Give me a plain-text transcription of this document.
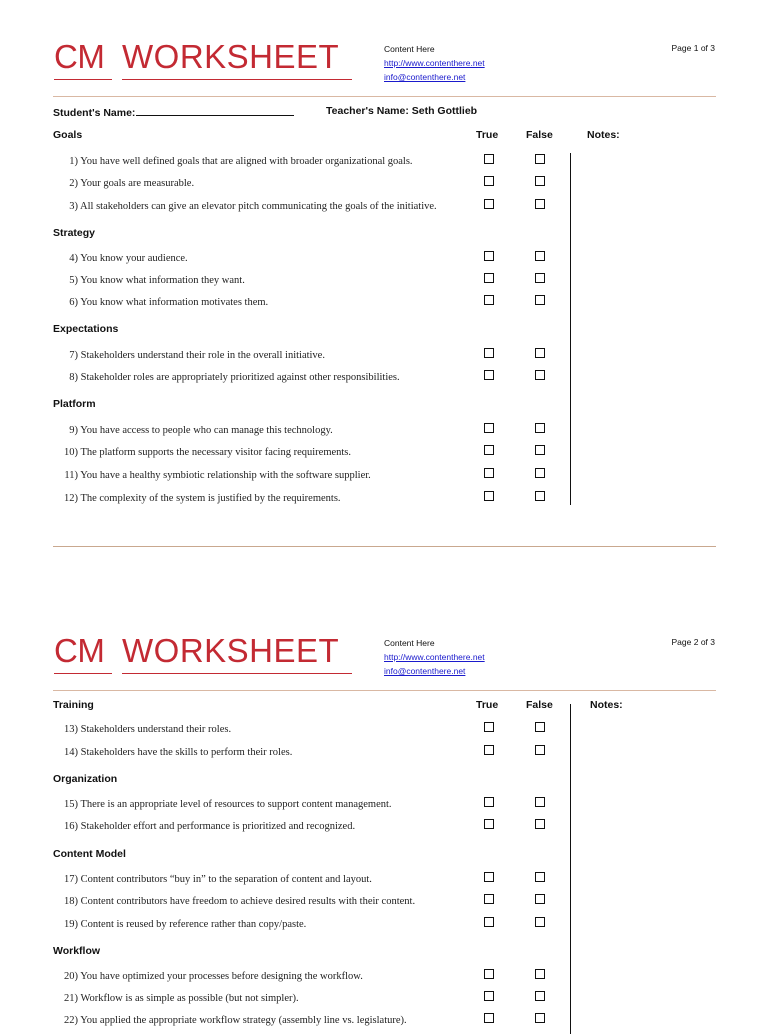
CM WORKSHEET	Content Here
http://www.contenthere.net
info@contenthere.net
Page 1 of 3
Student's Name:	Teacher's Name: Seth Gottlieb
True	False	Notes:
Goals
1) You have well defined goals that are aligned with broader organizational goals.
2) Your goals are measurable.
3) All stakeholders can give an elevator pitch communicating the goals of the initiative.
Strategy
4) You know your audience.
5) You know what information they want.
6) You know what information motivates them.
Expectations
7) Stakeholders understand their role in the overall initiative.
8) Stakeholder roles are appropriately prioritized against other responsibilities.
Platform
9) You have access to people who can manage this technology.
10) The platform supports the necessary visitor facing requirements.
11) You have a healthy symbiotic relationship with the software supplier.
12) The complexity of the system is justified by the requirements.
CM WORKSHEET	Content Here
http://www.contenthere.net
info@contenthere.net
Page 2 of 3
True	False	Notes:
Training
13) Stakeholders understand their roles.
14) Stakeholders have the skills to perform their roles.
Organization
15) There is an appropriate level of resources to support content management.
16) Stakeholder effort and performance is prioritized and recognized.
Content Model
17) Content contributors “buy in” to the separation of content and layout.
18) Content contributors have freedom to achieve desired results with their content.
19) Content is reused by reference rather than copy/paste.
Workflow
20) You have optimized your processes before designing the workflow.
21) Workflow is as simple as possible (but not simpler).
22) You applied the appropriate workflow strategy (assembly line vs. legislature).
